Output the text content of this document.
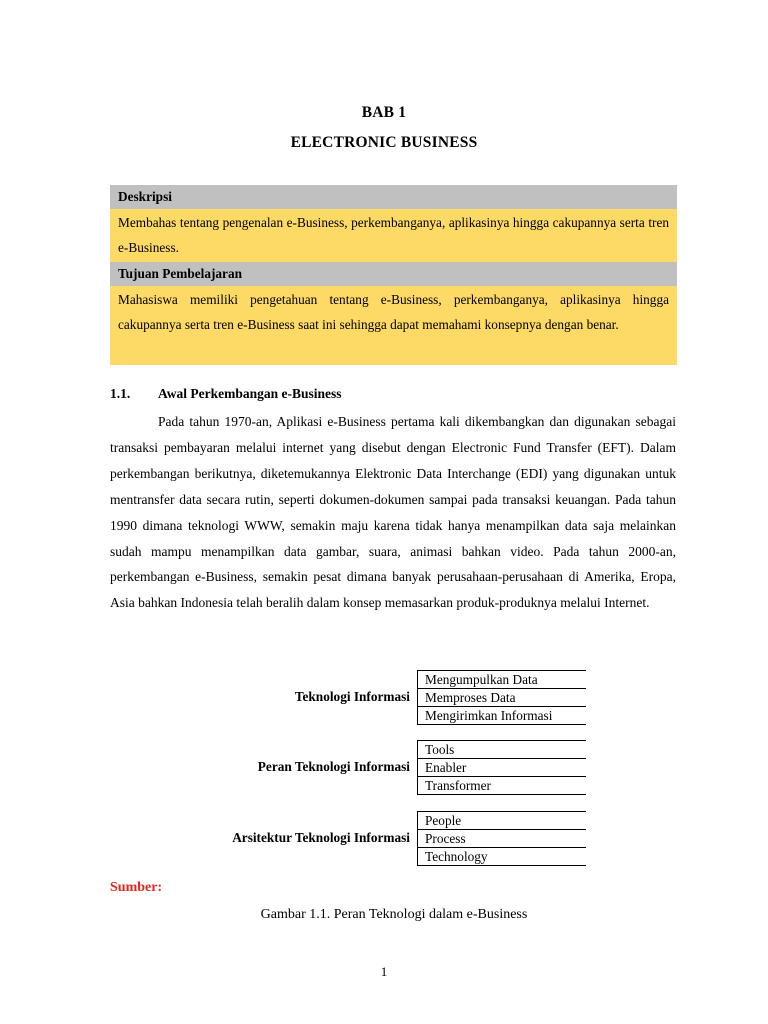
BAB 1
ELECTRONIC BUSINESS
Deskripsi
Membahas tentang pengenalan e-Business, perkembanganya, aplikasinya hingga cakupannya serta tren e-Business.
Tujuan Pembelajaran
Mahasiswa memiliki pengetahuan tentang e-Business, perkembanganya, aplikasinya hingga cakupannya serta tren e-Business saat ini sehingga dapat memahami konsepnya dengan benar.
1.1. Awal Perkembangan e-Business

Pada tahun 1970-an, Aplikasi e-Business pertama kali dikembangkan dan digunakan sebagai transaksi pembayaran melalui internet yang disebut dengan Electronic Fund Transfer (EFT). Dalam perkembangan berikutnya, diketemukannya Elektronic Data Interchange (EDI) yang digunakan untuk mentransfer data secara rutin, seperti dokumen-dokumen sampai pada transaksi keuangan. Pada tahun 1990 dimana teknologi WWW, semakin maju karena tidak hanya menampilkan data saja melainkan sudah mampu menampilkan data gambar, suara, animasi bahkan video. Pada tahun 2000-an, perkembangan e-Business, semakin pesat dimana banyak perusahaan-perusahaan di Amerika, Eropa, Asia bahkan Indonesia telah beralih dalam konsep memasarkan produk-produknya melalui Internet.

Teknologi Informasi
Mengumpulkan Data
Memproses Data
Mengirimkan Informasi
Peran Teknologi Informasi
Tools
Enabler
Transformer
Arsitektur Teknologi Informasi
People
Process
Technology
Sumber:
Gambar 1.1. Peran Teknologi dalam e-Business
1
